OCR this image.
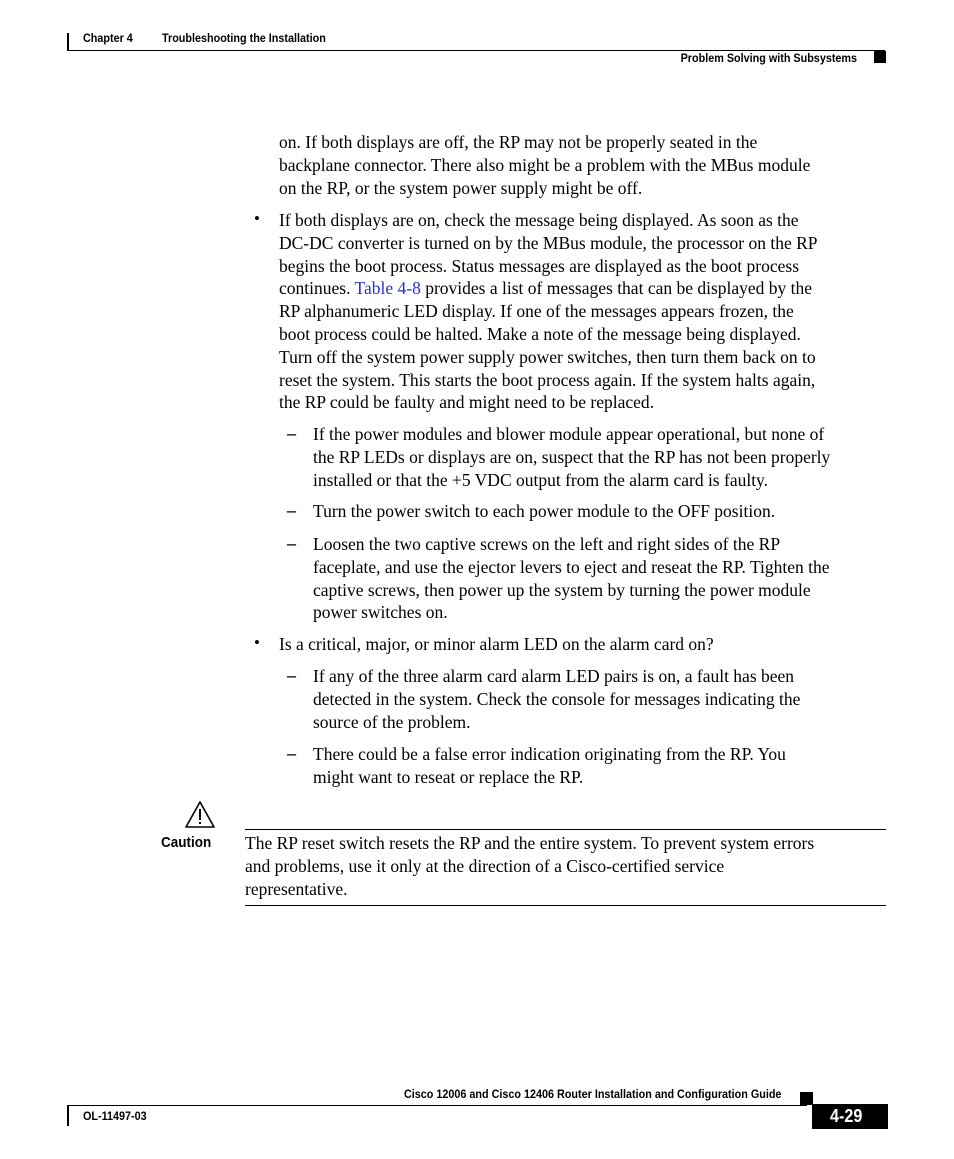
Chapter 4 Troubleshooting the Installation
Problem Solving with Subsystems
on. If both displays are off, the RP may not be properly seated in the
backplane connector. There also might be a problem with the MBus module
on the RP, or the system power supply might be off.
• If both displays are on, check the message being displayed. As soon as the
DC-DC converter is turned on by the MBus module, the processor on the RP
begins the boot process. Status messages are displayed as the boot process
continues. Table 4-8 provides a list of messages that can be displayed by the
RP alphanumeric LED display. If one of the messages appears frozen, the
boot process could be halted. Make a note of the message being displayed.
Turn off the system power supply power switches, then turn them back on to
reset the system. This starts the boot process again. If the system halts again,
the RP could be faulty and might need to be replaced.
– If the power modules and blower module appear operational, but none of
the RP LEDs or displays are on, suspect that the RP has not been properly
installed or that the +5 VDC output from the alarm card is faulty.
– Turn the power switch to each power module to the OFF position.
– Loosen the two captive screws on the left and right sides of the RP
faceplate, and use the ejector levers to eject and reseat the RP. Tighten the
captive screws, then power up the system by turning the power module
power switches on.
• Is a critical, major, or minor alarm LED on the alarm card on?
– If any of the three alarm card alarm LED pairs is on, a fault has been
detected in the system. Check the console for messages indicating the
source of the problem.
– There could be a false error indication originating from the RP. You
might want to reseat or replace the RP.
Caution The RP reset switch resets the RP and the entire system. To prevent system errors
and problems, use it only at the direction of a Cisco-certified service
representative.
Cisco 12006 and Cisco 12406 Router Installation and Configuration Guide
OL-11497-03	4-29
